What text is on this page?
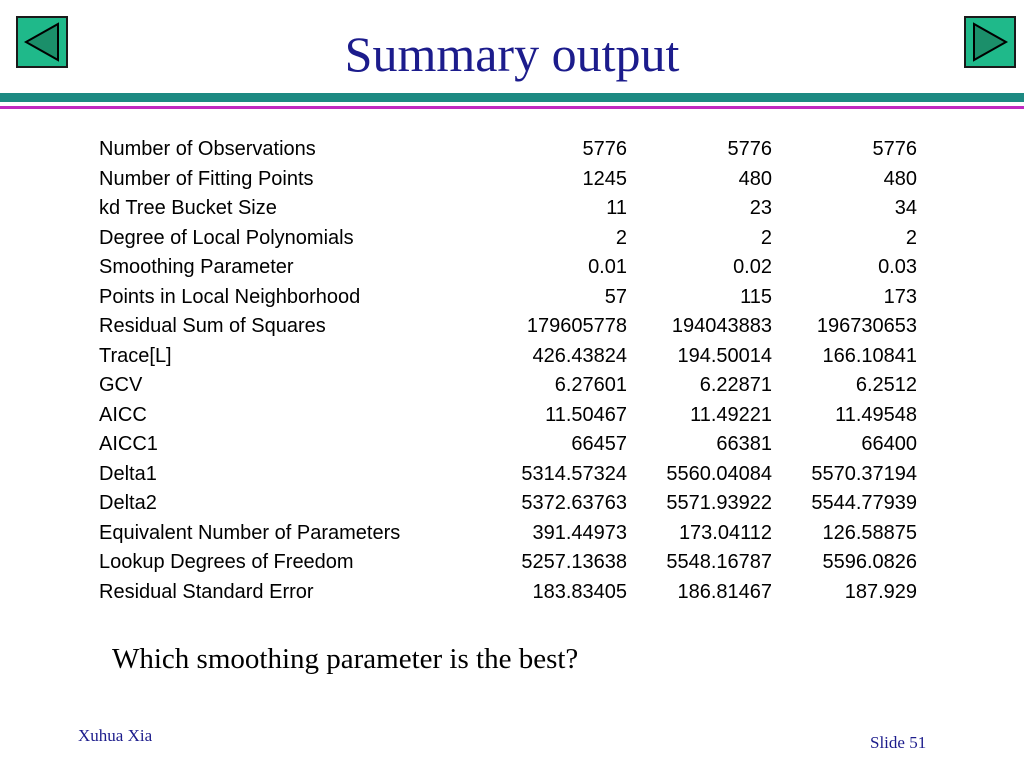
Summary output
Number of Observations	5776	5776	5776
Number of Fitting Points	1245	480	480
kd Tree Bucket Size	11	23	34
Degree of Local Polynomials	2	2	2
Smoothing Parameter	0.01	0.02	0.03
Points in Local Neighborhood	57	115	173
Residual Sum of Squares	179605778	194043883	196730653
Trace[L]	426.43824	194.50014	166.10841
GCV	6.27601	6.22871	6.2512
AICC	11.50467	11.49221	11.49548
AICC1	66457	66381	66400
Delta1	5314.57324	5560.04084	5570.37194
Delta2	5372.63763	5571.93922	5544.77939
Equivalent Number of Parameters	391.44973	173.04112	126.58875
Lookup Degrees of Freedom	5257.13638	5548.16787	5596.0826
Residual Standard Error	183.83405	186.81467	187.929
Which smoothing parameter is the best?
Xuhua Xia	Slide 51
